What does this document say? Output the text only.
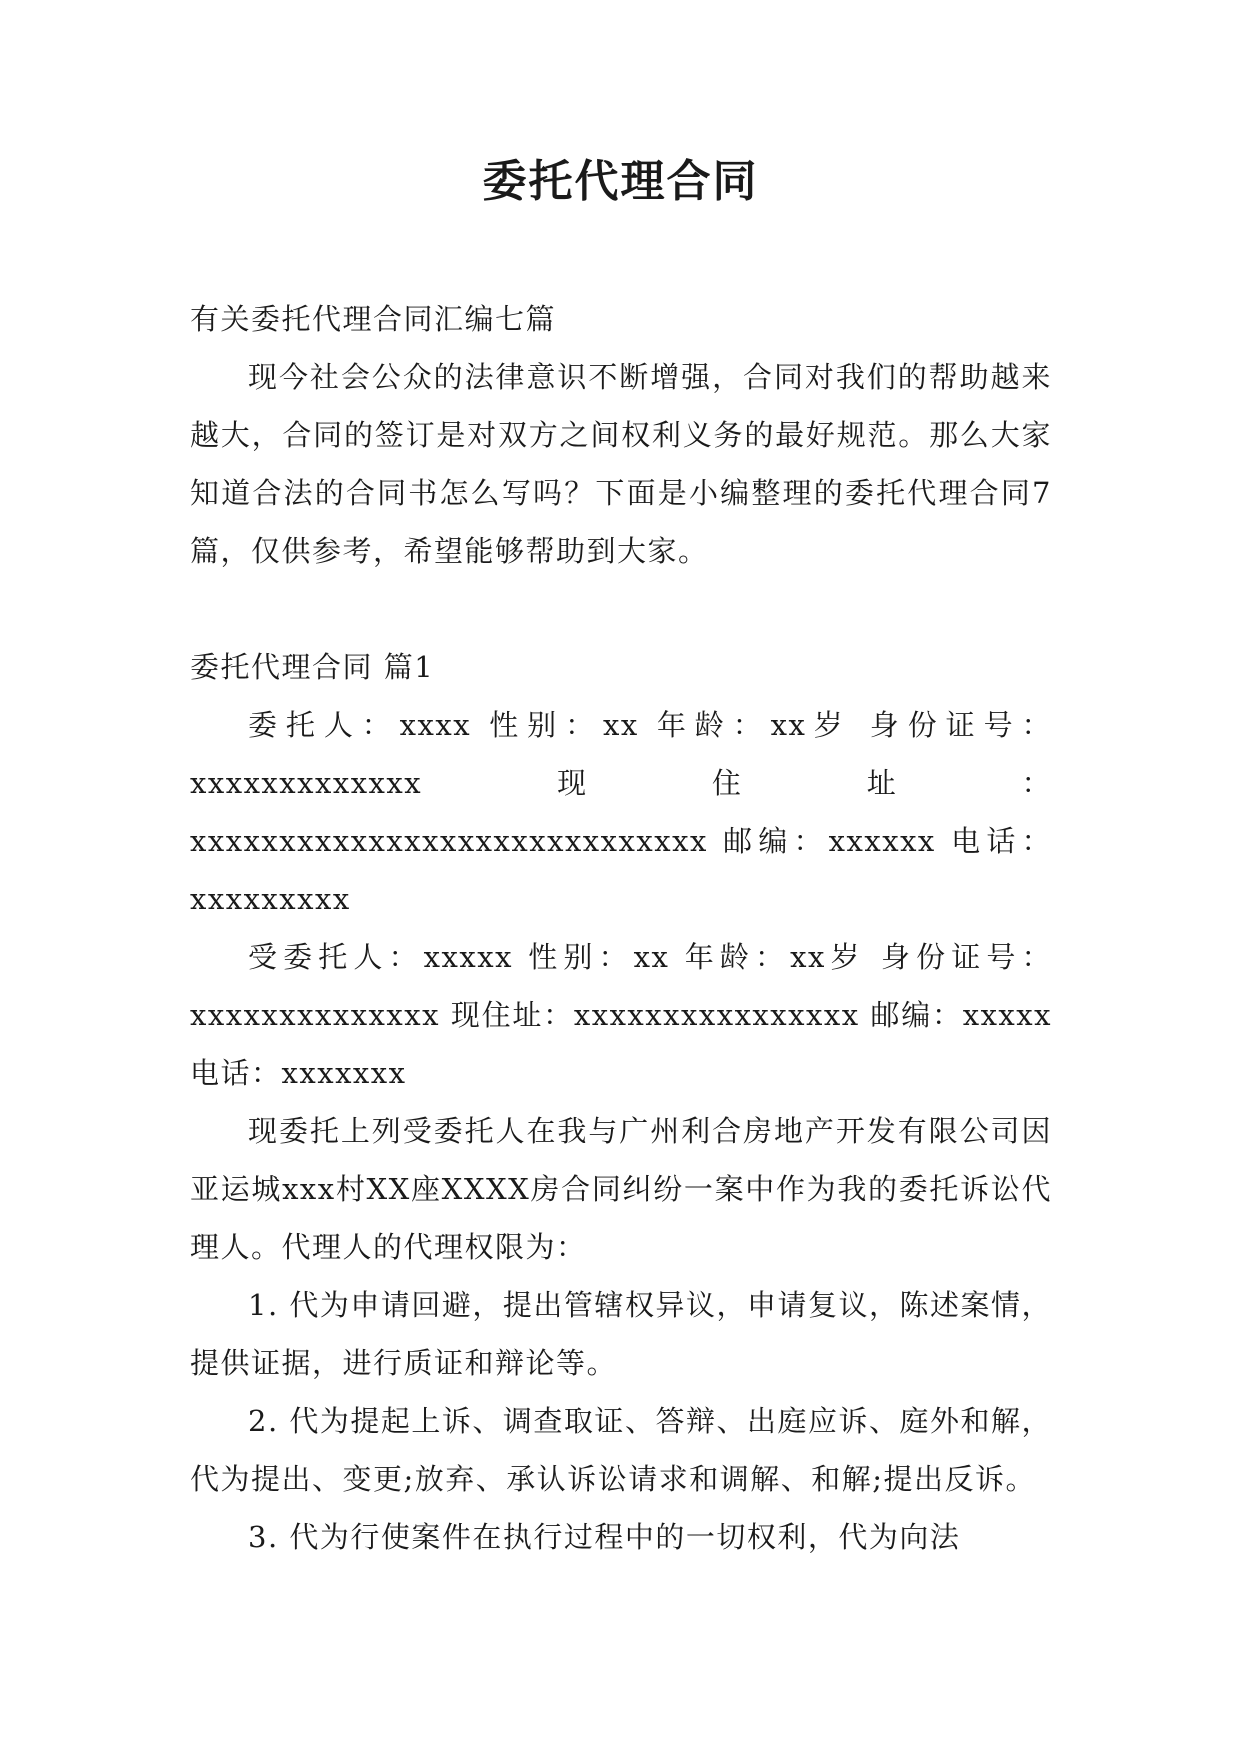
委托代理合同

有关委托代理合同汇编七篇

现今社会公众的法律意识不断增强，合同对我们的帮助越来越大，合同的签订是对双方之间权利义务的最好规范。那么大家知道合法的合同书怎么写吗？下面是小编整理的委托代理合同7篇，仅供参考，希望能够帮助到大家。

委托代理合同 篇1

委托人：xxxx 性别：xx 年龄：xx岁 身份证号：xxxxxxxxxxxxx 现住址：xxxxxxxxxxxxxxxxxxxxxxxxxxxxx 邮编：xxxxxx 电话：xxxxxxxxx

受委托人：xxxxx 性别：xx 年龄：xx岁 身份证号：xxxxxxxxxxxxxx 现住址：xxxxxxxxxxxxxxxx 邮编：xxxxx 电话：xxxxxxx

现委托上列受委托人在我与广州利合房地产开发有限公司因亚运城xxx村XX座XXXX房合同纠纷一案中作为我的委托诉讼代理人。代理人的代理权限为：

1. 代为申请回避，提出管辖权异议，申请复议，陈述案情，提供证据，进行质证和辩论等。

2. 代为提起上诉、调查取证、答辩、出庭应诉、庭外和解，代为提出、变更;放弃、承认诉讼请求和调解、和解;提出反诉。

3. 代为行使案件在执行过程中的一切权利，代为向法
